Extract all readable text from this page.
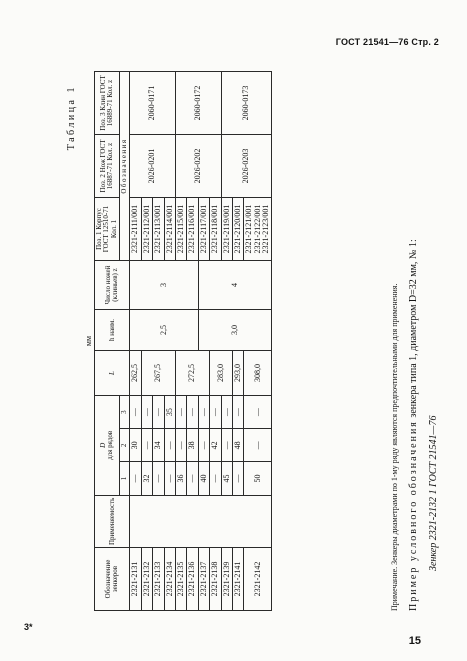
ГОСТ 21541—76 Стр. 2
3*
15
Таблица 1
мм
Обозначение зенкеров	Применяемость	D
для рядов			L	h наим.	Число ножей (клиньев) z	Поз. 1 Корпус ГОСТ 12510-71 Кол. 1	Поз. 2 Нож ГОСТ 16887-71 Кол. z	Поз. 3 Клин ГОСТ 16889-71 Кол. z
		1	2	3				Обозначения		

2321-2131		—	30	—	262,5	2,5	3	2321-2111/001	2026-0201	2060-0171
2321-2132		32	—	—	267,5			2321-2112/001		
2321-2133		—	34	—				2321-2113/001		
2321-2134		—	—	35				2321-2114/001		
2321-2135		36	—	—	272,5			2321-2115/001	2026-0202	2060-0172
2321-2136		—	38	—				2321-2116/001		
2321-2137		40	—	—		3,0	4	2321-2117/001		
2321-2138		—	42	—	283,0			2321-2118/001		
2321-2139		45	—	—				2321-2119/001	2026-0203	2060-0173
2321-2141		—	48	—	293,0			2321-2120/001		
2321-2142		50	—	—	308,0			2321-2121/001
2321-2122/001
2321-2123/001		
Примечание. Зенкеры диаметрами по 1-му ряду являются предпочтительными для применения. Пример условного обозначения зенкера типа 1, диаметром D=32 мм, № 1:
Зенкер 2321-2132 1 ГОСТ 21541—76
